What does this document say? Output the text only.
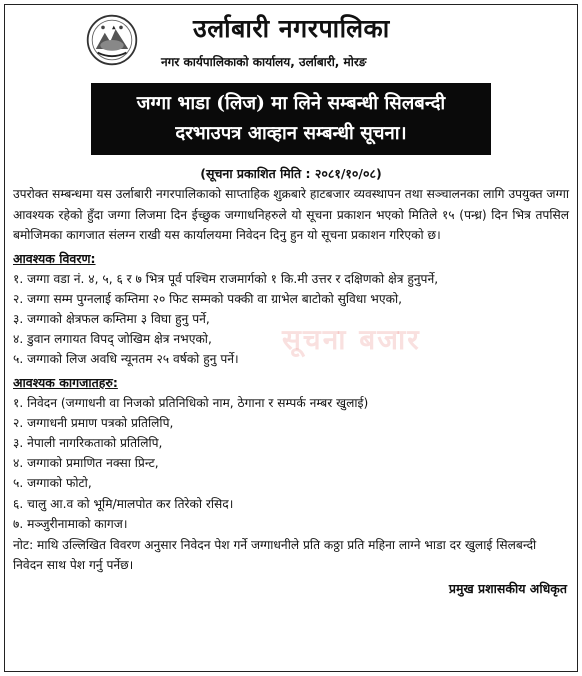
उर्लाबारी नगरपालिका
नगर कार्यपालिकाको कार्यालय, उर्लाबारी, मोरङ
जग्गा भाडा (लिज) मा लिने सम्बन्धी सिलबन्दी
दरभाउपत्र आव्हान सम्बन्धी सूचना।
(सूचना प्रकाशित मिति : २०८१/१०/०८)
उपरोक्त सम्बन्धमा यस उर्लाबारी नगरपालिकाको साप्ताहिक शुक्रबारे हाटबजार व्यवस्थापन तथा सञ्चालनका लागि उपयुक्त जग्गा आवश्यक रहेको हुँदा जग्गा लिजमा दिन ईच्छुक जग्गाधनिहरुले यो सूचना प्रकाशन भएको मितिले १५ (पन्ध्र) दिन भित्र तपसिल बमोजिमका कागजात संलग्न राखी यस कार्यालयमा निवेदन दिनु हुन यो सूचना प्रकाशन गरिएको छ।
आवश्यक विवरण:
१. जग्गा वडा नं. ४, ५, ६ र ७ भित्र पूर्व पश्चिम राजमार्गको १ कि.मी उत्तर र दक्षिणको क्षेत्र हुनुपर्ने,
२. जग्गा सम्म पुग्नलाई कम्तिमा २० फिट सम्मको पक्की वा ग्राभेल बाटोको सुविधा भएको,
३. जग्गाको क्षेत्रफल कम्तिमा ३ विघा हुनु पर्ने,
४. डुवान लगायत विपद् जोखिम क्षेत्र नभएको,
५. जग्गाको लिज अवधि न्यूनतम २५ वर्षको हुनु पर्ने।
आवश्यक कागजातहरु:
१. निवेदन (जग्गाधनी वा निजको प्रतिनिधिको नाम, ठेगाना र सम्पर्क नम्बर खुलाई)
२. जग्गाधनी प्रमाण पत्रको प्रतिलिपि,
३. नेपाली नागरिकताको प्रतिलिपि,
४. जग्गाको प्रमाणित नक्सा प्रिन्ट,
५. जग्गाको फोटो,
६. चालु आ.व को भूमि/मालपोत कर तिरेको रसिद।
७. मञ्जुरीनामाको कागज।
नोट: माथि उल्लिखित विवरण अनुसार निवेदन पेश गर्ने जग्गाधनीले प्रति कठ्ठा प्रति महिना लाग्ने भाडा दर खुलाई सिलबन्दी निवेदन साथ पेश गर्नु पर्नेछ।
प्रमुख प्रशासकीय अधिकृत
